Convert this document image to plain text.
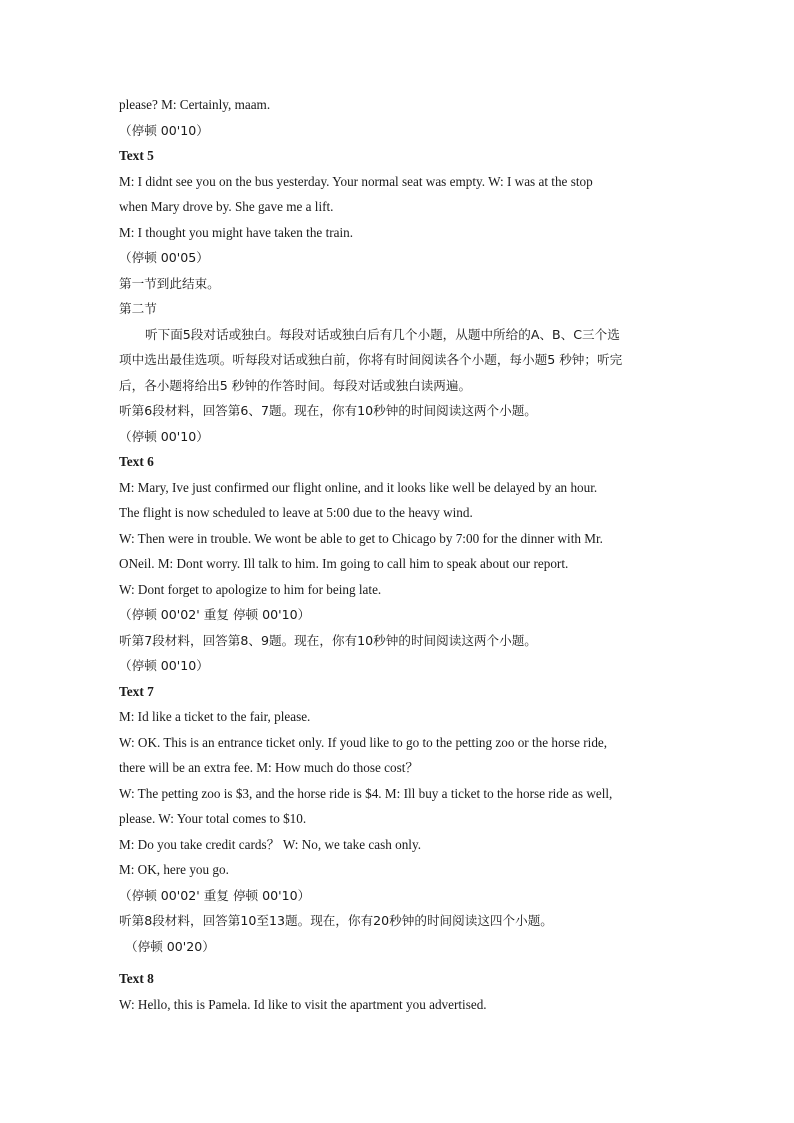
please? M: Certainly, maam.
（停顿 00'10）
Text 5
M: I didnt see you on the bus yesterday. Your normal seat was empty. W: I was at the stop
when Mary drove by. She gave me a lift.
M: I thought you might have taken the train.
（停顿 00'05）
第一节到此结束。
第二节
听下面5段对话或独白。每段对话或独白后有几个小题，从题中所给的A、B、C三个选
项中选出最佳选项。听每段对话或独白前，你将有时间阅读各个小题，每小题5 秒钟；听完
后，各小题将给出5 秒钟的作答时间。每段对话或独白读两遍。
听第6段材料，回答第6、7题。现在，你有10秒钟的时间阅读这两个小题。
（停顿 00'10）
Text 6
M: Mary, Ive just confirmed our flight online, and it looks like well be delayed by an hour.
The flight is now scheduled to leave at 5:00 due to the heavy wind.
W: Then were in trouble. We wont be able to get to Chicago by 7:00 for the dinner with Mr.
ONeil. M: Dont worry. Ill talk to him. Im going to call him to speak about our report.
W: Dont forget to apologize to him for being late.
（停顿 00'02' 重复 停顿 00'10）
听第7段材料，回答第8、9题。现在，你有10秒钟的时间阅读这两个小题。
（停顿 00'10）
Text 7
M: Id like a ticket to the fair, please.
W: OK. This is an entrance ticket only. If youd like to go to the petting zoo or the horse ride,
there will be an extra fee. M: How much do those cost？
W: The petting zoo is $3, and the horse ride is $4. M: Ill buy a ticket to the horse ride as well,
please. W: Your total comes to $10.
M: Do you take credit cards？ W: No, we take cash only.
M: OK, here you go.
（停顿 00'02' 重复 停顿 00'10）
听第8段材料，回答第10至13题。现在，你有20秒钟的时间阅读这四个小题。
（停顿 00'20）
Text 8
W: Hello, this is Pamela. Id like to visit the apartment you advertised.
